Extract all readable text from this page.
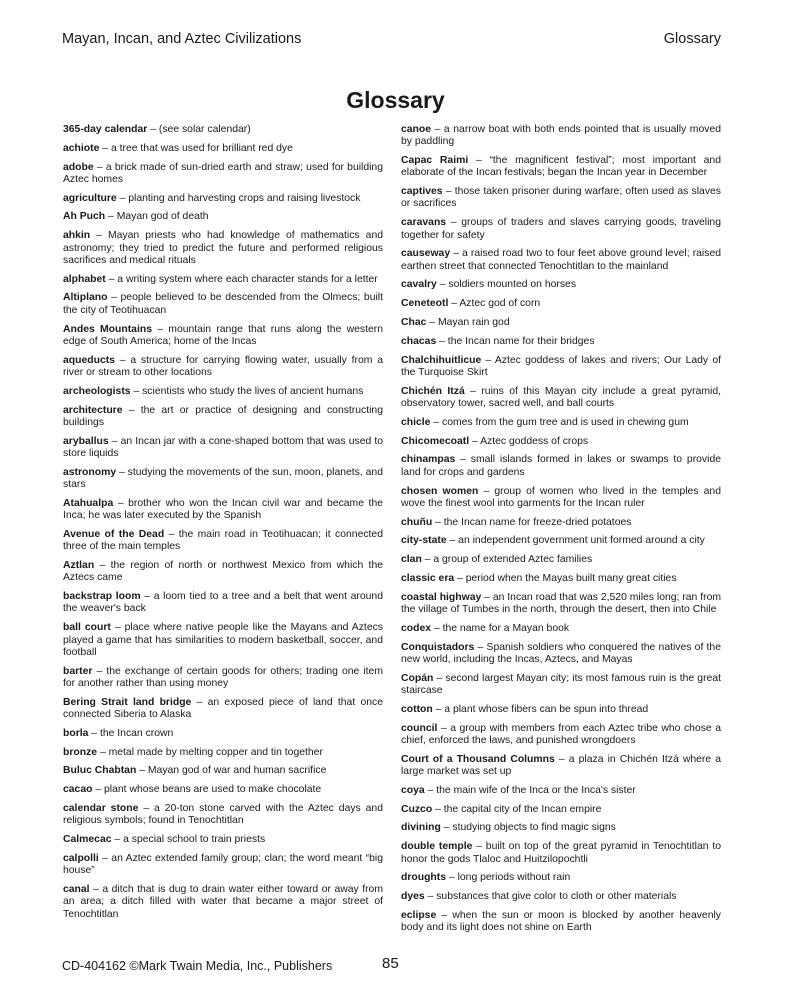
Mayan, Incan, and Aztec Civilizations	Glossary
Glossary

365-day calendar – (see solar calendar)

achiote – a tree that was used for brilliant red dye

adobe – a brick made of sun-dried earth and straw; used for building Aztec homes

agriculture – planting and harvesting crops and raising livestock

Ah Puch – Mayan god of death

ahkin – Mayan priests who had knowledge of mathematics and astronomy; they tried to predict the future and performed religious sacrifices and medical rituals

alphabet – a writing system where each character stands for a letter

Altiplano – people believed to be descended from the Olmecs; built the city of Teotihuacan

Andes Mountains – mountain range that runs along the western edge of South America; home of the Incas

aqueducts – a structure for carrying flowing water, usually from a river or stream to other locations

archeologists – scientists who study the lives of ancient humans

architecture – the art or practice of designing and constructing buildings

aryballus – an Incan jar with a cone-shaped bottom that was used to store liquids

astronomy – studying the movements of the sun, moon, planets, and stars

Atahualpa – brother who won the Incan civil war and became the Inca; he was later executed by the Spanish

Avenue of the Dead – the main road in Teotihuacan; it connected three of the main temples

Aztlan – the region of north or northwest Mexico from which the Aztecs came

backstrap loom – a loom tied to a tree and a belt that went around the weaver's back

ball court – place where native people like the Mayans and Aztecs played a game that has similarities to modern basketball, soccer, and football

barter – the exchange of certain goods for others; trading one item for another rather than using money

Bering Strait land bridge – an exposed piece of land that once connected Siberia to Alaska

borla – the Incan crown

bronze – metal made by melting copper and tin together

Buluc Chabtan – Mayan god of war and human sacrifice

cacao – plant whose beans are used to make chocolate

calendar stone – a 20-ton stone carved with the Aztec days and religious symbols; found in Tenochtitlan

Calmecac – a special school to train priests

calpolli – an Aztec extended family group; clan; the word meant “big house”

canal – a ditch that is dug to drain water either toward or away from an area; a ditch filled with water that became a major street of Tenochtitlan

canoe – a narrow boat with both ends pointed that is usually moved by paddling

Capac Raimi – “the magnificent festival”; most important and elaborate of the Incan festivals; began the Incan year in December

captives – those taken prisoner during warfare; often used as slaves or sacrifices

caravans – groups of traders and slaves carrying goods, traveling together for safety

causeway – a raised road two to four feet above ground level; raised earthen street that connected Tenochtitlan to the mainland

cavalry – soldiers mounted on horses

Ceneteotl – Aztec god of corn

Chac – Mayan rain god

chacas – the Incan name for their bridges

Chalchihuitlicue – Aztec goddess of lakes and rivers; Our Lady of the Turquoise Skirt

Chichén Itzá – ruins of this Mayan city include a great pyramid, observatory tower, sacred well, and ball courts

chicle – comes from the gum tree and is used in chewing gum

Chicomecoatl – Aztec goddess of crops

chinampas – small islands formed in lakes or swamps to provide land for crops and gardens

chosen women – group of women who lived in the temples and wove the finest wool into garments for the Incan ruler

chuñu – the Incan name for freeze-dried potatoes

city-state – an independent government unit formed around a city

clan – a group of extended Aztec families

classic era – period when the Mayas built many great cities

coastal highway – an Incan road that was 2,520 miles long; ran from the village of Tumbes in the north, through the desert, then into Chile

codex – the name for a Mayan book

Conquistadors – Spanish soldiers who conquered the natives of the new world, including the Incas, Aztecs, and Mayas

Copán – second largest Mayan city; its most famous ruin is the great staircase

cotton – a plant whose fibers can be spun into thread

council – a group with members from each Aztec tribe who chose a chief, enforced the laws, and punished wrongdoers

Court of a Thousand Columns – a plaza in Chichén Itzá where a large market was set up

coya – the main wife of the Inca or the Inca's sister

Cuzco – the capital city of the Incan empire

divining – studying objects to find magic signs

double temple – built on top of the great pyramid in Tenochtitlan to honor the gods Tlaloc and Huitzilopochtli

droughts – long periods without rain

dyes – substances that give color to cloth or other materials

eclipse – when the sun or moon is blocked by another heavenly body and its light does not shine on Earth

CD-404162 ©Mark Twain Media, Inc., Publishers	85
